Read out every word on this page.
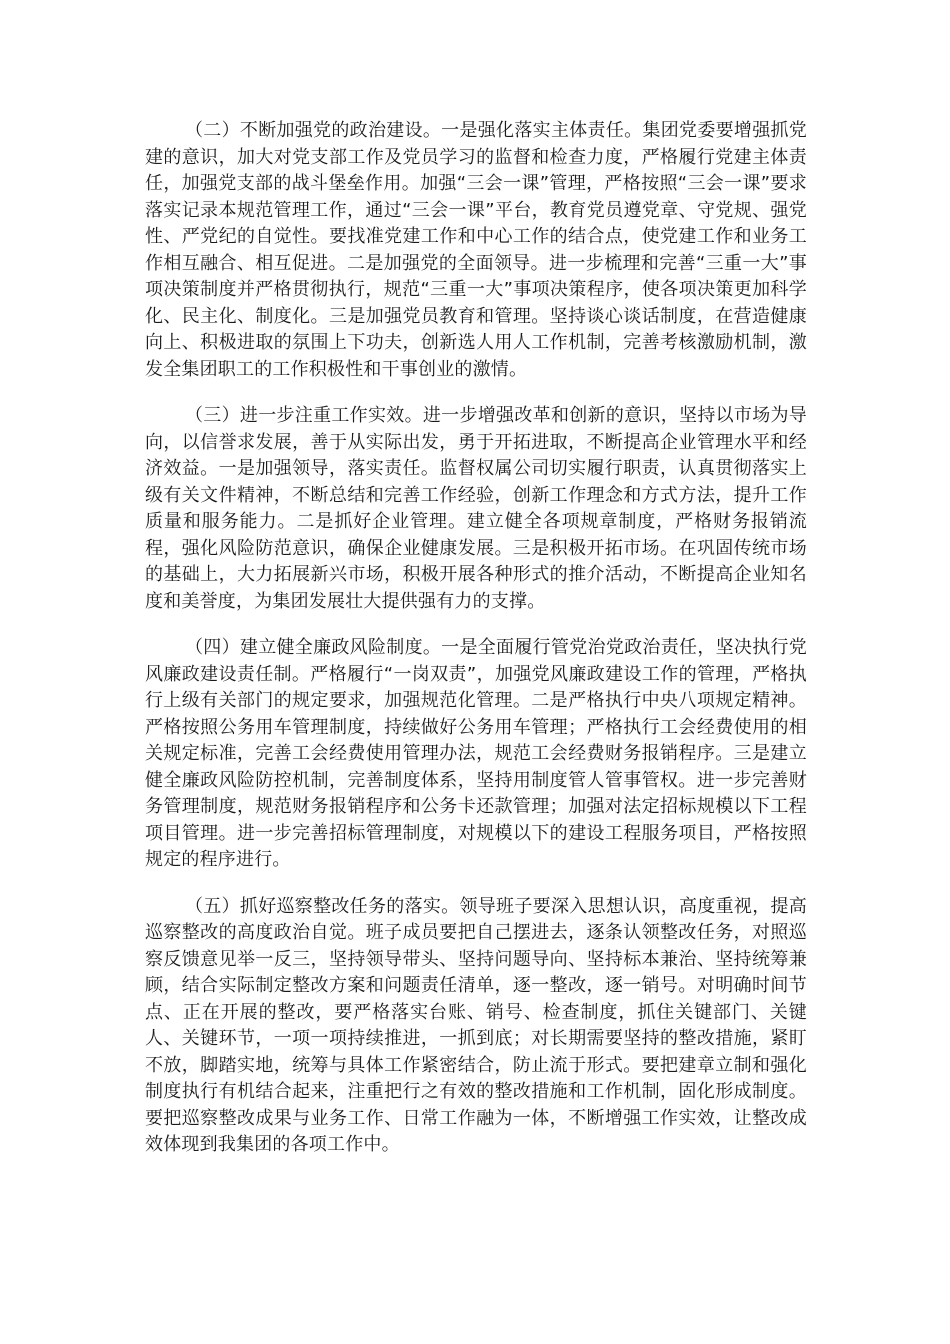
（二）不断加强党的政治建设。一是强化落实主体责任。集团党委要增强抓党建的意识，加大对党支部工作及党员学习的监督和检查力度，严格履行党建主体责任，加强党支部的战斗堡垒作用。加强“三会一课”管理，严格按照“三会一课”要求落实记录本规范管理工作，通过“三会一课”平台，教育党员遵党章、守党规、强党性、严党纪的自觉性。要找准党建工作和中心工作的结合点，使党建工作和业务工作相互融合、相互促进。二是加强党的全面领导。进一步梳理和完善“三重一大”事项决策制度并严格贯彻执行，规范“三重一大”事项决策程序，使各项决策更加科学化、民主化、制度化。三是加强党员教育和管理。坚持谈心谈话制度，在营造健康向上、积极进取的氛围上下功夫，创新选人用人工作机制，完善考核激励机制，激发全集团职工的工作积极性和干事创业的激情。

（三）进一步注重工作实效。进一步增强改革和创新的意识，坚持以市场为导向，以信誉求发展，善于从实际出发，勇于开拓进取，不断提高企业管理水平和经济效益。一是加强领导，落实责任。监督权属公司切实履行职责，认真贯彻落实上级有关文件精神，不断总结和完善工作经验，创新工作理念和方式方法，提升工作质量和服务能力。二是抓好企业管理。建立健全各项规章制度，严格财务报销流程，强化风险防范意识，确保企业健康发展。三是积极开拓市场。在巩固传统市场的基础上，大力拓展新兴市场，积极开展各种形式的推介活动，不断提高企业知名度和美誉度，为集团发展壮大提供强有力的支撑。

（四）建立健全廉政风险制度。一是全面履行管党治党政治责任，坚决执行党风廉政建设责任制。严格履行“一岗双责”，加强党风廉政建设工作的管理，严格执行上级有关部门的规定要求，加强规范化管理。二是严格执行中央八项规定精神。严格按照公务用车管理制度，持续做好公务用车管理；严格执行工会经费使用的相关规定标准，完善工会经费使用管理办法，规范工会经费财务报销程序。三是建立健全廉政风险防控机制，完善制度体系，坚持用制度管人管事管权。进一步完善财务管理制度，规范财务报销程序和公务卡还款管理；加强对法定招标规模以下工程项目管理。进一步完善招标管理制度，对规模以下的建设工程服务项目，严格按照规定的程序进行。

（五）抓好巡察整改任务的落实。领导班子要深入思想认识，高度重视，提高巡察整改的高度政治自觉。班子成员要把自己摆进去，逐条认领整改任务，对照巡察反馈意见举一反三，坚持领导带头、坚持问题导向、坚持标本兼治、坚持统筹兼顾，结合实际制定整改方案和问题责任清单，逐一整改，逐一销号。对明确时间节点、正在开展的整改，要严格落实台账、销号、检查制度，抓住关键部门、关键人、关键环节，一项一项持续推进，一抓到底；对长期需要坚持的整改措施，紧盯不放，脚踏实地，统筹与具体工作紧密结合，防止流于形式。要把建章立制和强化制度执行有机结合起来，注重把行之有效的整改措施和工作机制，固化形成制度。要把巡察整改成果与业务工作、日常工作融为一体，不断增强工作实效，让整改成效体现到我集团的各项工作中。
